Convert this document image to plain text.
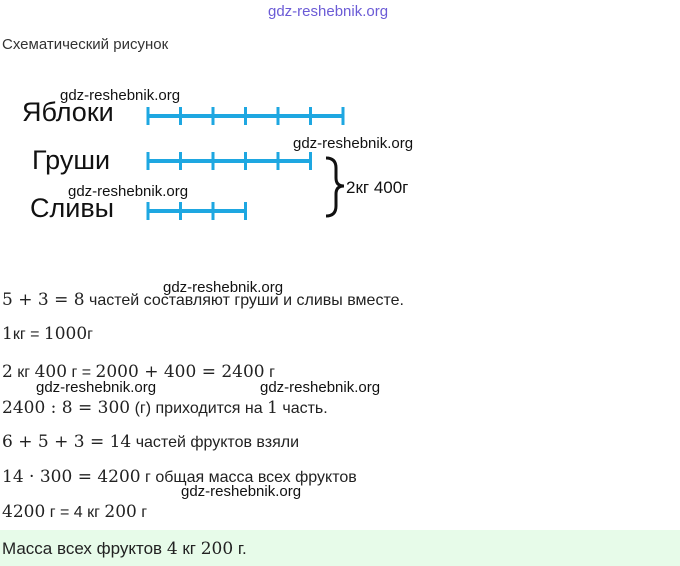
gdz-reshebnik.org
Схематический рисунок
Яблоки
Груши
Сливы
2кг 400г
gdz-reshebnik.org
gdz-reshebnik.org
gdz-reshebnik.org
gdz-reshebnik.org
gdz-reshebnik.org	gdz-reshebnik.org
gdz-reshebnik.org
5 + 3 = 8 частей составляют груши и сливы вместе.
1кг = 1000г
2 кг 400 г = 2000 + 400 = 2400 г
2400 : 8 = 300 (г) приходится на 1 часть.
6 + 5 + 3 = 14 частей фруктов взяли
14 · 300 = 4200 г общая масса всех фруктов
4200 г = 4 кг 200 г
Масса всех фруктов 4 кг 200 г.
